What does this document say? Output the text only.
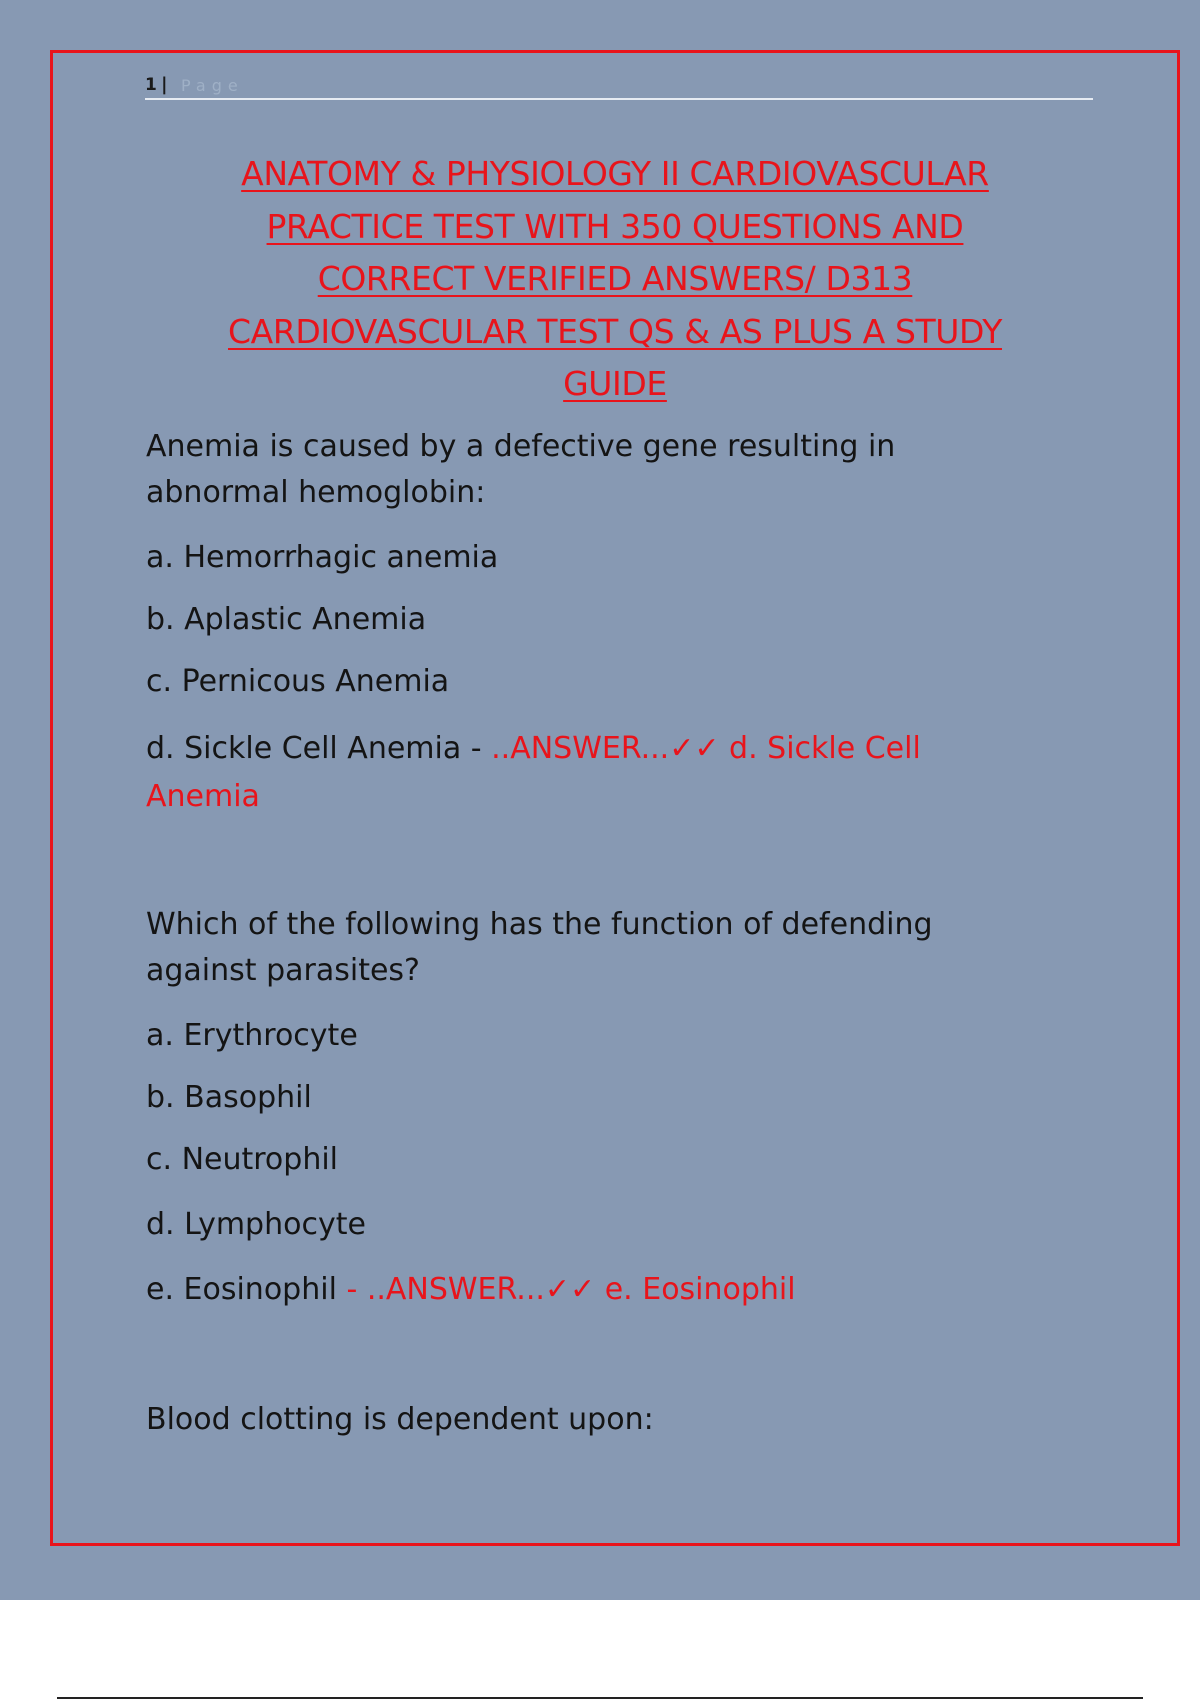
1 | Page
ANATOMY & PHYSIOLOGY II CARDIOVASCULAR
PRACTICE TEST WITH 350 QUESTIONS AND
CORRECT VERIFIED ANSWERS/ D313
CARDIOVASCULAR TEST QS & AS PLUS A STUDY
GUIDE

Anemia is caused by a defective gene resulting in
abnormal hemoglobin:

a. Hemorrhagic anemia

b. Aplastic Anemia

c. Pernicous Anemia

d. Sickle Cell Anemia - ..ANSWER...✓✓ d. Sickle Cell

Anemia

Which of the following has the function of defending
against parasites?

a. Erythrocyte

b. Basophil

c. Neutrophil

d. Lymphocyte

e. Eosinophil - ..ANSWER...✓✓ e. Eosinophil

Blood clotting is dependent upon:
